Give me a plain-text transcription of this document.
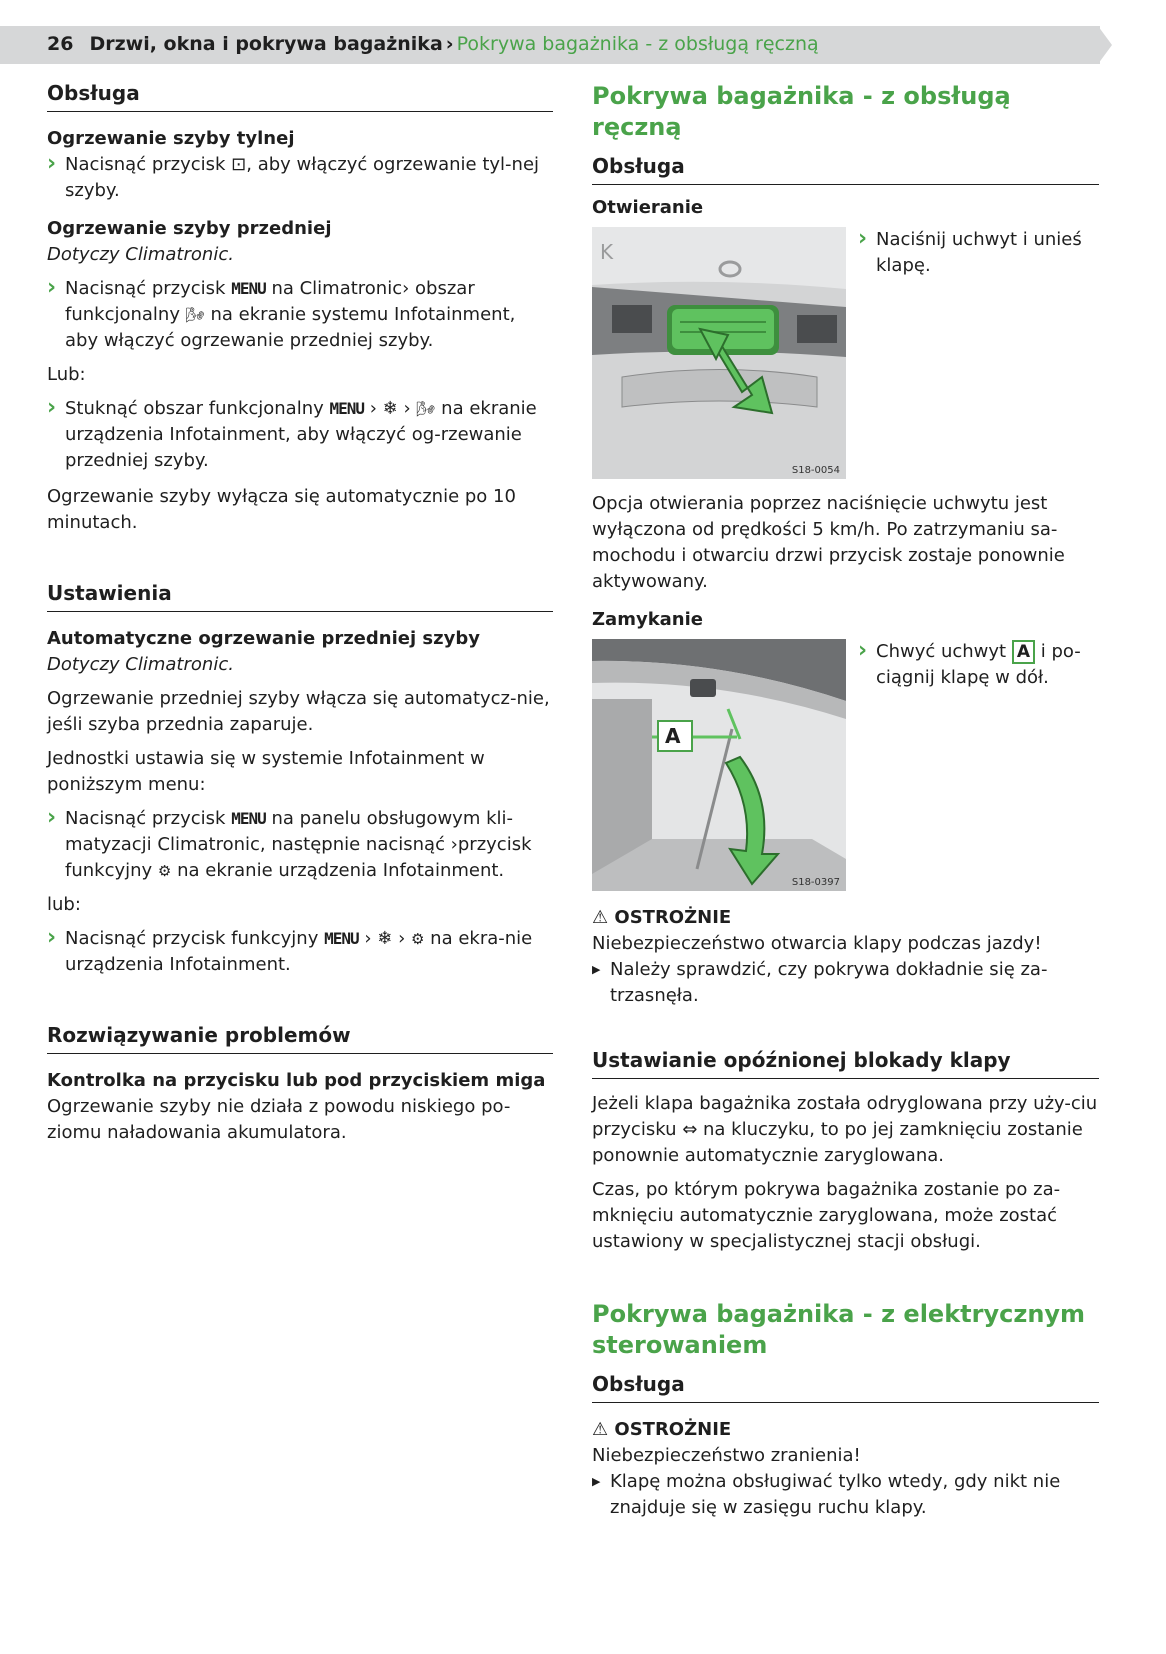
26 Drzwi, okna i pokrywa bagażnika › Pokrywa bagażnika - z obsługą ręczną
Obsługa
Ogrzewanie szyby tylnej
› Nacisnąć przycisk ⊡, aby włączyć ogrzewanie tyl-nej szyby.
Ogrzewanie szyby przedniej

Dotyczy Climatronic.

› Nacisnąć przycisk MENU na Climatronic› obszar funkcjonalny 🌬 na ekranie systemu Infotainment, aby włączyć ogrzewanie przedniej szyby.

Lub:

› Stuknąć obszar funkcjonalny MENU › ❄ › 🌬 na ekranie urządzenia Infotainment, aby włączyć og-rzewanie przedniej szyby.

Ogrzewanie szyby wyłącza się automatycznie po 10 minutach.

Ustawienia
Automatyczne ogrzewanie przedniej szyby

Dotyczy Climatronic.

Ogrzewanie przedniej szyby włącza się automatycz-nie, jeśli szyba przednia zaparuje.

Jednostki ustawia się w systemie Infotainment w poniższym menu:

› Nacisnąć przycisk MENU na panelu obsługowym kli-matyzacji Climatronic, następnie nacisnąć ›przycisk funkcyjny ⚙ na ekranie urządzenia Infotainment.

lub:

› Nacisnąć przycisk funkcyjny MENU › ❄ › ⚙ na ekra-nie urządzenia Infotainment.
Rozwiązywanie problemów
Kontrolka na przycisku lub pod przyciskiem miga

Ogrzewanie szyby nie działa z powodu niskiego po-ziomu naładowania akumulatora.

Pokrywa bagażnika - z obsługą ręczną
Obsługa
Otwieranie
K
S18-0054
› Naciśnij uchwyt i unieś klapę.

Opcja otwierania poprzez naciśnięcie uchwytu jest wyłączona od prędkości 5 km/h. Po zatrzymaniu sa-mochodu i otwarciu drzwi przycisk zostaje ponownie aktywowany.

Zamykanie
A
S18-0397
› Chwyć uchwyt A i po-ciągnij klapę w dół.
⚠ OSTROŻNIE

Niebezpieczeństwo otwarcia klapy podczas jazdy!

▶ Należy sprawdzić, czy pokrywa dokładnie się za-trzasnęła.
Ustawianie opóźnionej blokady klapy

Jeżeli klapa bagażnika została odryglowana przy uży-ciu przycisku ⇔ na kluczyku, to po jej zamknięciu zostanie ponownie automatycznie zaryglowana.

Czas, po którym pokrywa bagażnika zostanie po za-mknięciu automatycznie zaryglowana, może zostać ustawiony w specjalistycznej stacji obsługi.

Pokrywa bagażnika - z elektrycznym sterowaniem
Obsługa
⚠ OSTROŻNIE

Niebezpieczeństwo zranienia!

▶ Klapę można obsługiwać tylko wtedy, gdy nikt nie znajduje się w zasięgu ruchu klapy.
